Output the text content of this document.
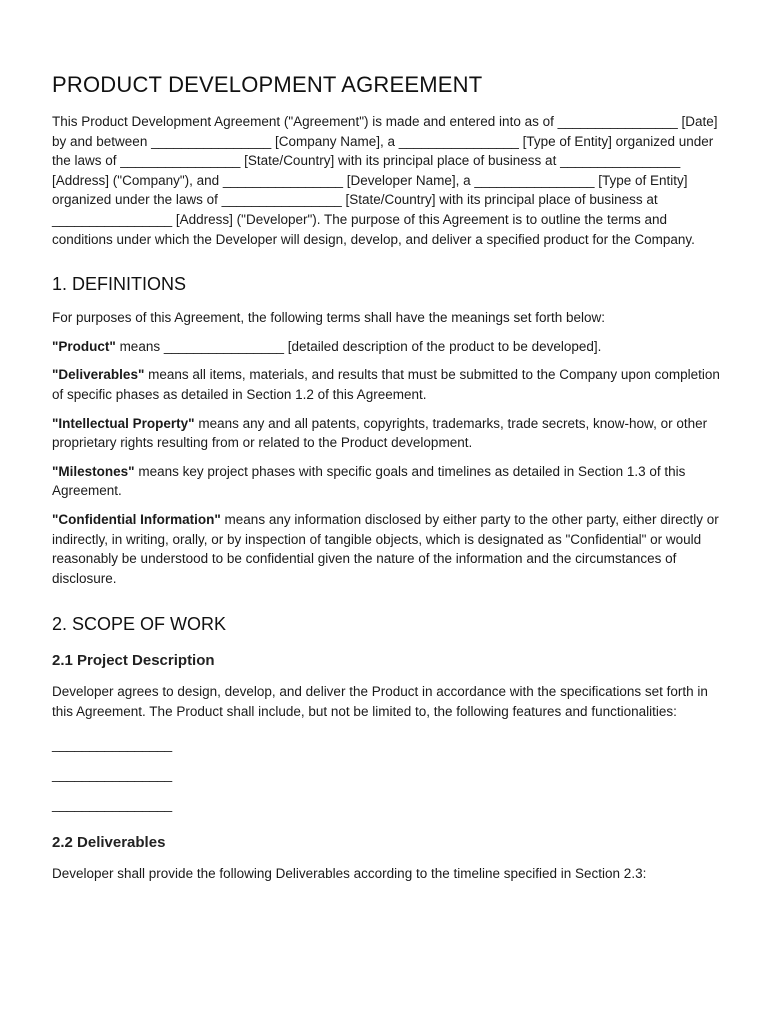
PRODUCT DEVELOPMENT AGREEMENT

This Product Development Agreement ("Agreement") is made and entered into as of ________________ [Date] by and between ________________ [Company Name], a ________________ [Type of Entity] organized under the laws of ________________ [State/Country] with its principal place of business at ________________ [Address] ("Company"), and ________________ [Developer Name], a ________________ [Type of Entity] organized under the laws of ________________ [State/Country] with its principal place of business at ________________ [Address] ("Developer"). The purpose of this Agreement is to outline the terms and conditions under which the Developer will design, develop, and deliver a specified product for the Company.

1. DEFINITIONS

For purposes of this Agreement, the following terms shall have the meanings set forth below:

"Product" means ________________ [detailed description of the product to be developed].

"Deliverables" means all items, materials, and results that must be submitted to the Company upon completion of specific phases as detailed in Section 1.2 of this Agreement.

"Intellectual Property" means any and all patents, copyrights, trademarks, trade secrets, know-how, or other proprietary rights resulting from or related to the Product development.

"Milestones" means key project phases with specific goals and timelines as detailed in Section 1.3 of this Agreement.

"Confidential Information" means any information disclosed by either party to the other party, either directly or indirectly, in writing, orally, or by inspection of tangible objects, which is designated as "Confidential" or would reasonably be understood to be confidential given the nature of the information and the circumstances of disclosure.

2. SCOPE OF WORK
2.1 Project Description

Developer agrees to design, develop, and deliver the Product in accordance with the specifications set forth in this Agreement. The Product shall include, but not be limited to, the following features and functionalities:

________________

________________

________________

2.2 Deliverables

Developer shall provide the following Deliverables according to the timeline specified in Section 2.3:
